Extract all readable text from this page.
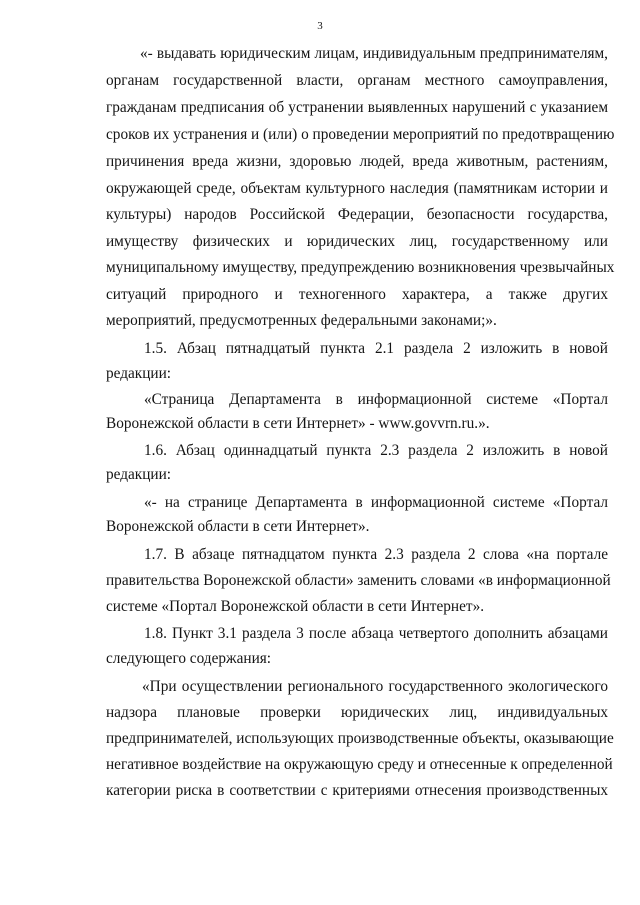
3
«- выдавать юридическим лицам, индивидуальным предпринимателям,
органам государственной власти, органам местного самоуправления,
гражданам предписания об устранении выявленных нарушений с указанием
сроков их устранения и (или) о проведении мероприятий по предотвращению
причинения вреда жизни, здоровью людей, вреда животным, растениям,
окружающей среде, объектам культурного наследия (памятникам истории и
культуры) народов Российской Федерации, безопасности государства,
имуществу физических и юридических лиц, государственному или
муниципальному имуществу, предупреждению возникновения чрезвычайных
ситуаций природного и техногенного характера, а также других
мероприятий, предусмотренных федеральными законами;».
1.5. Абзац пятнадцатый пункта 2.1 раздела 2 изложить в новой
редакции:
«Страница Департамента в информационной системе «Портал
Воронежской области в сети Интернет» - www.govvrn.ru.».
1.6. Абзац одиннадцатый пункта 2.3 раздела 2 изложить в новой
редакции:
«- на странице Департамента в информационной системе «Портал
Воронежской области в сети Интернет».
1.7. В абзаце пятнадцатом пункта 2.3 раздела 2 слова «на портале
правительства Воронежской области» заменить словами «в информационной
системе «Портал Воронежской области в сети Интернет».
1.8. Пункт 3.1 раздела 3 после абзаца четвертого дополнить абзацами
следующего содержания:
«При осуществлении регионального государственного экологического
надзора плановые проверки юридических лиц, индивидуальных
предпринимателей, использующих производственные объекты, оказывающие
негативное воздействие на окружающую среду и отнесенные к определенной
категории риска в соответствии с критериями отнесения производственных
